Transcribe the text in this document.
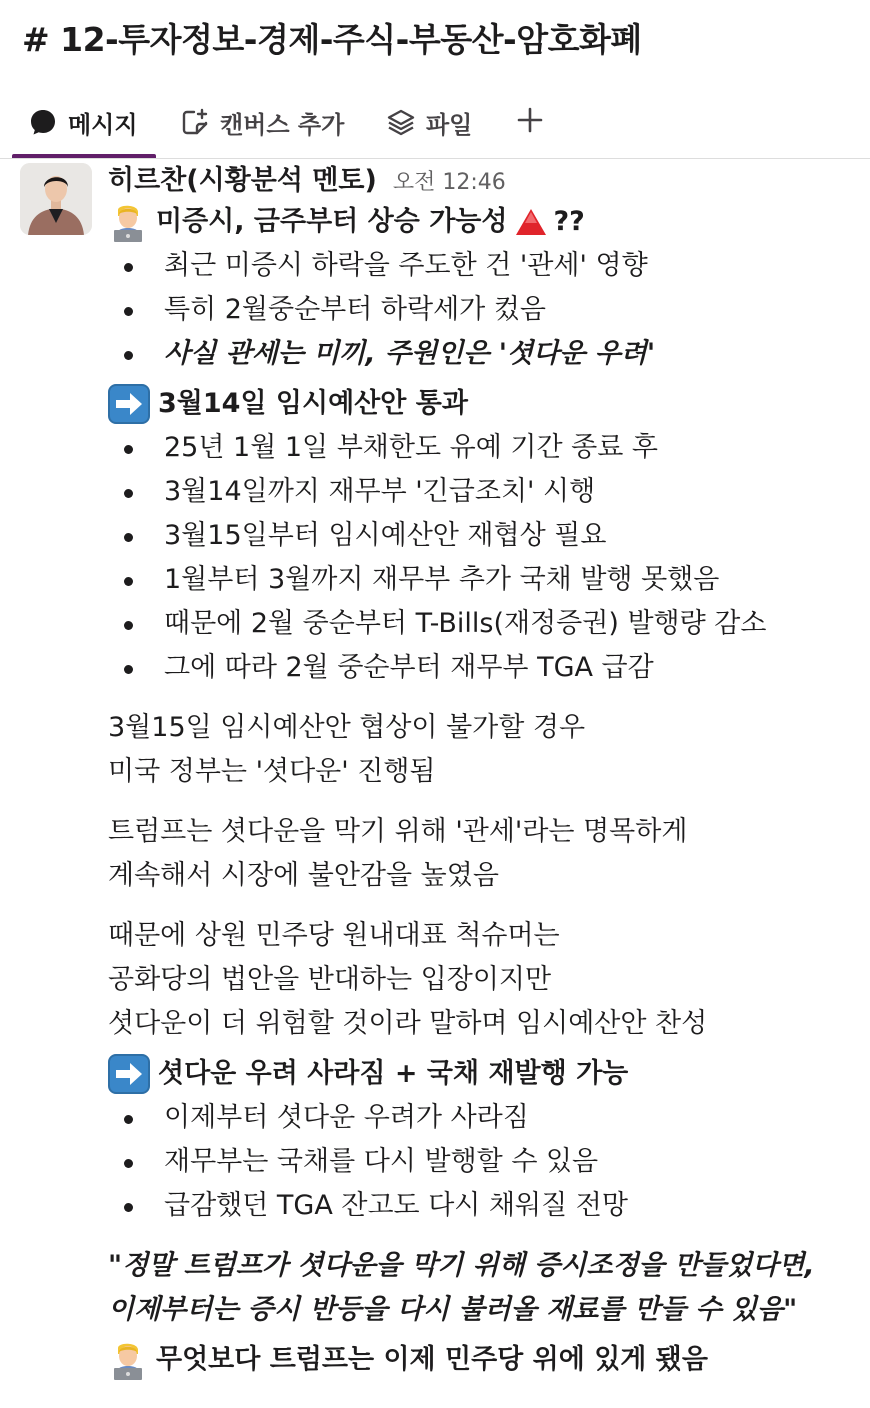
# 12-투자정보-경제-주식-부동산-암호화폐
메시지	캔버스 추가	파일
히르찬(시황분석 멘토) 오전 12:46
미증시, 금주부터 상승 가능성 ??
최근 미증시 하락을 주도한 건 '관세' 영향
특히 2월중순부터 하락세가 컸음
사실 관세는 미끼, 주원인은 '셧다운 우려'
3월14일 임시예산안 통과
25년 1월 1일 부채한도 유예 기간 종료 후
3월14일까지 재무부 '긴급조치' 시행
3월15일부터 임시예산안 재협상 필요
1월부터 3월까지 재무부 추가 국채 발행 못했음
때문에 2월 중순부터 T-Bills(재정증권) 발행량 감소
그에 따라 2월 중순부터 재무부 TGA 급감
3월15일 임시예산안 협상이 불가할 경우
미국 정부는 '셧다운' 진행됨
트럼프는 셧다운을 막기 위해 '관세'라는 명목하게
계속해서 시장에 불안감을 높였음
때문에 상원 민주당 원내대표 척슈머는
공화당의 법안을 반대하는 입장이지만
셧다운이 더 위험할 것이라 말하며 임시예산안 찬성
셧다운 우려 사라짐 + 국채 재발행 가능
이제부터 셧다운 우려가 사라짐
재무부는 국채를 다시 발행할 수 있음
급감했던 TGA 잔고도 다시 채워질 전망
"정말 트럼프가 셧다운을 막기 위해 증시조정을 만들었다면,
이제부터는 증시 반등을 다시 불러올 재료를 만들 수 있음"
무엇보다 트럼프는 이제 민주당 위에 있게 됐음
